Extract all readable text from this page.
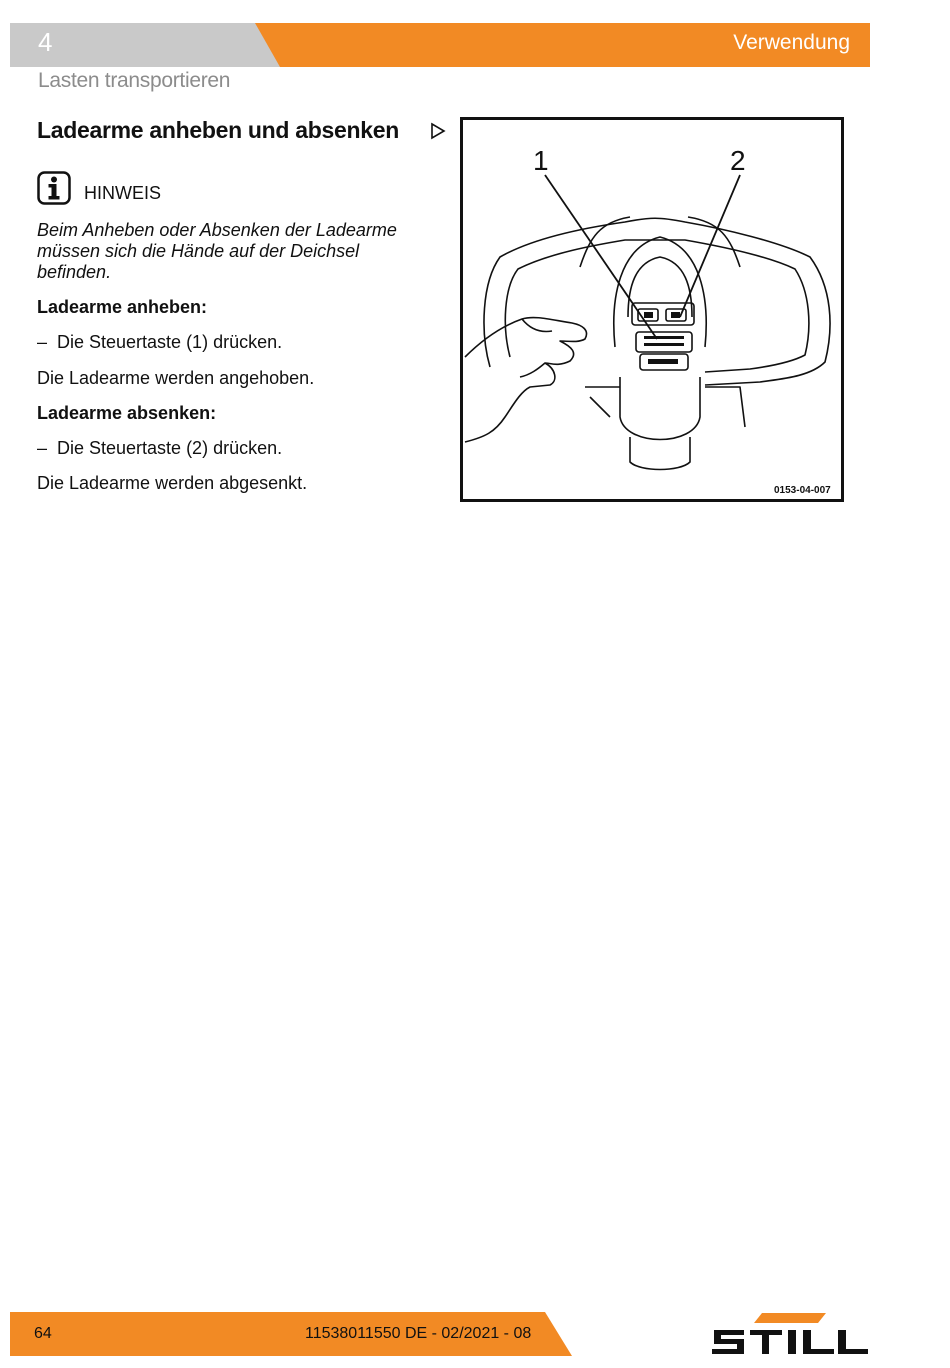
4	Verwendung
Lasten transportieren
Ladearme anheben und absenken
HINWEIS
Beim Anheben oder Absenken der Ladearme müssen sich die Hände auf der Deichsel befinden.
Ladearme anheben:
– Die Steuertaste (1) drücken.
Die Ladearme werden angehoben.
Ladearme absenken:
– Die Steuertaste (2) drücken.
Die Ladearme werden abgesenkt.
1	2
0153-04-007
64	11538011550 DE - 02/2021 - 08
